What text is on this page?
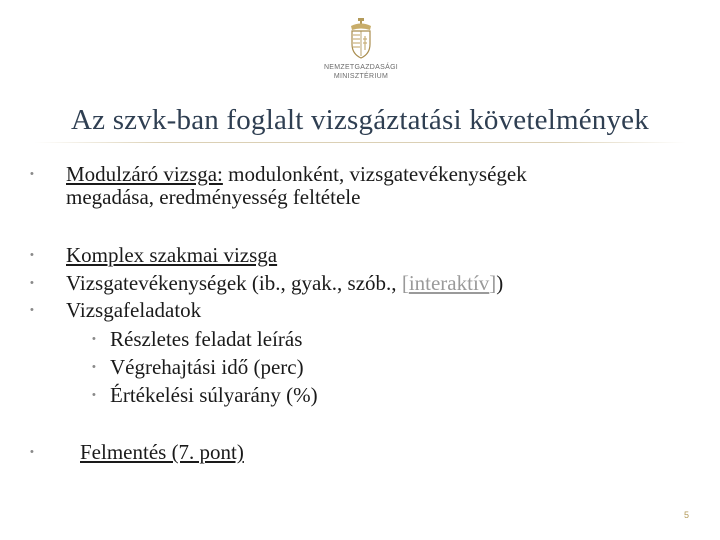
NEMZETGAZDASÁGI
MINISZTÉRIUM
Az szvk-ban foglalt vizsgáztatási követelmények
• Modulzáró vizsga: modulonként, vizsgatevékenységek
megadása, eredményesség feltétele
• Komplex szakmai vizsga
• Vizsgatevékenységek (ib., gyak., szób., [interaktív])
• Vizsgafeladatok
• Részletes feladat leírás
• Végrehajtási idő (perc)
• Értékelési súlyarány (%)
• Felmentés (7. pont)
5
